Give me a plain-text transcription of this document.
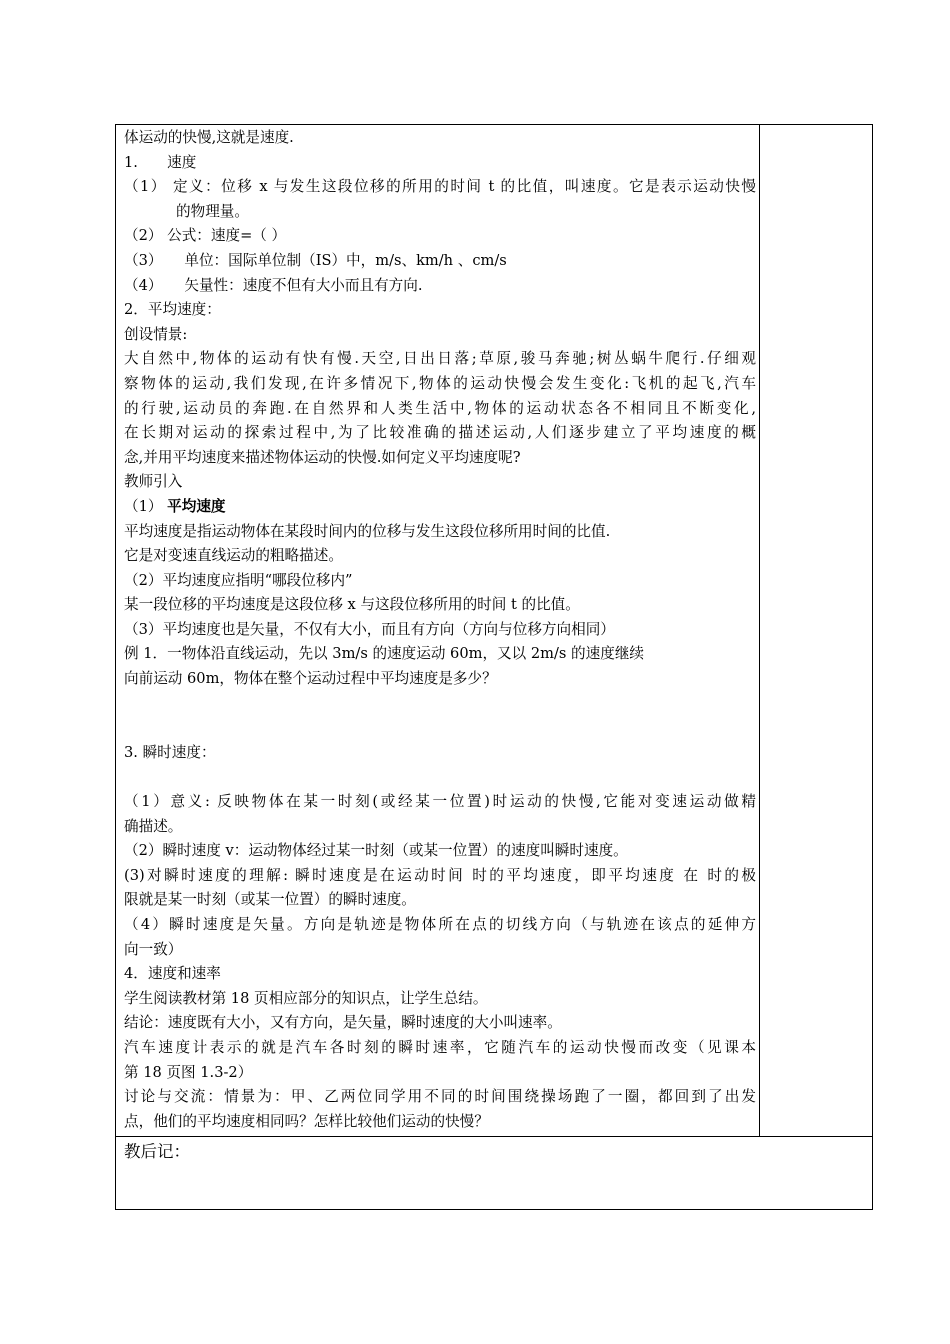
体运动的快慢,这就是速度.
1.　　速度
（1） 定义：位移 x 与发生这段位移的所用的时间 t 的比值，叫速度。它是表示运动快慢
的物理量。
（2） 公式：速度=（ ）
（3）　　单位：国际单位制（IS）中，m/s、km/h 、cm/s
（4）　　矢量性：速度不但有大小而且有方向.
2．平均速度：
创设情景:
大自然中,物体的运动有快有慢.天空,日出日落;草原,骏马奔驰;树丛蜗牛爬行.仔细观
察物体的运动,我们发现,在许多情况下,物体的运动快慢会发生变化:飞机的起飞,汽车
的行驶,运动员的奔跑.在自然界和人类生活中,物体的运动状态各不相同且不断变化,
在长期对运动的探索过程中,为了比较准确的描述运动,人们逐步建立了平均速度的概
念,并用平均速度来描述物体运动的快慢.如何定义平均速度呢?
教师引入
（1） 平均速度
平均速度是指运动物体在某段时间内的位移与发生这段位移所用时间的比值.
它是对变速直线运动的粗略描述。
（2）平均速度应指明“哪段位移内”
某一段位移的平均速度是这段位移 x 与这段位移所用的时间 t 的比值。
（3）平均速度也是矢量，不仅有大小，而且有方向（方向与位移方向相同）
例 1．一物体沿直线运动，先以 3m/s 的速度运动 60m，又以 2m/s 的速度继续
向前运动 60m，物体在整个运动过程中平均速度是多少？
3. 瞬时速度：
（1）意义: 反映物体在某一时刻(或经某一位置)时运动的快慢,它能对变速运动做精
确描述。
（2）瞬时速度 v：运动物体经过某一时刻（或某一位置）的速度叫瞬时速度。
(3)对瞬时速度的理解: 瞬时速度是在运动时间 时的平均速度，即平均速度 在 时的极
限就是某一时刻（或某一位置）的瞬时速度。
（4）瞬时速度是矢量。方向是轨迹是物体所在点的切线方向（与轨迹在该点的延伸方
向一致）
4．速度和速率
学生阅读教材第 18 页相应部分的知识点，让学生总结。
结论：速度既有大小，又有方向，是矢量，瞬时速度的大小叫速率。
汽车速度计表示的就是汽车各时刻的瞬时速率，它随汽车的运动快慢而改变（见课本
第 18 页图 1.3-2）
讨论与交流：情景为：甲、乙两位同学用不同的时间围绕操场跑了一圈，都回到了出发
点，他们的平均速度相同吗？怎样比较他们运动的快慢？

教后记：
